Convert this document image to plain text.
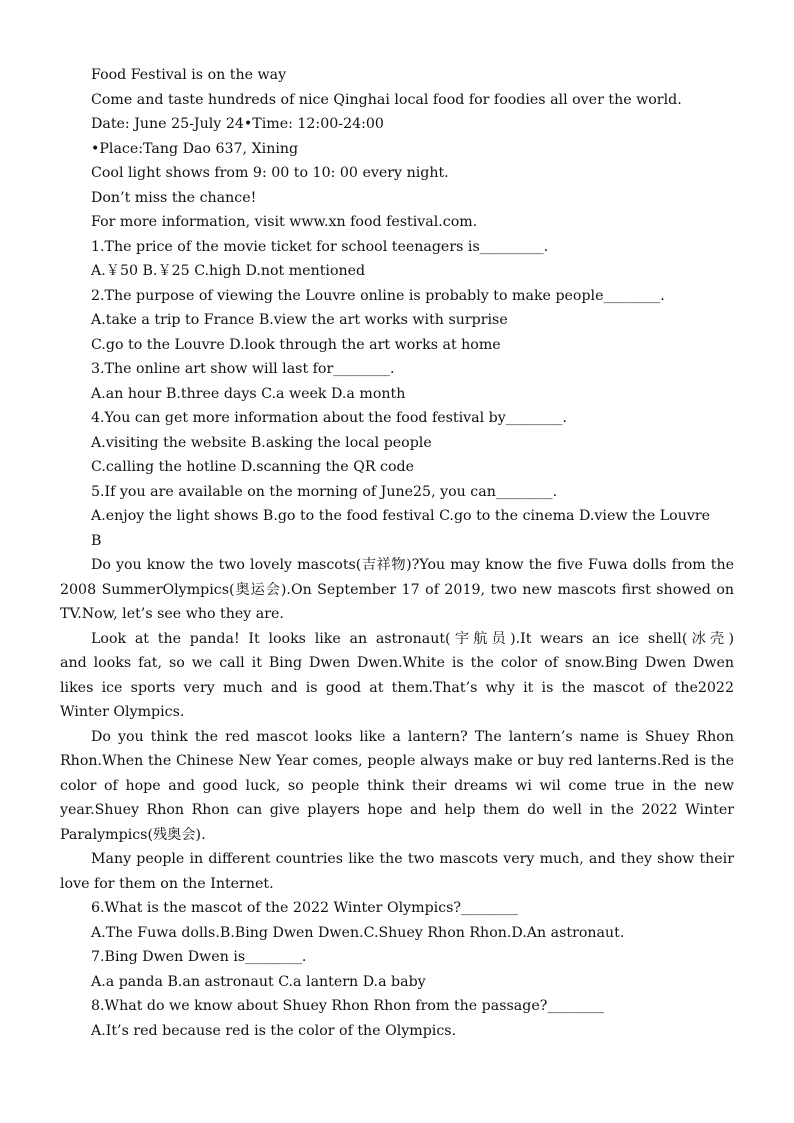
Food Festival is on the way

Come and taste hundreds of nice Qinghai local food for foodies all over the world.

Date: June 25-July 24•Time: 12:00-24:00

•Place:Tang Dao 637, Xining

Cool light shows from 9: 00 to 10: 00 every night.

Don’t miss the chance!

For more information, visit www.xn food festival.com.

1.The price of the movie ticket for school teenagers is_________.

A.￥50 B.￥25 C.high D.not mentioned

2.The purpose of viewing the Louvre online is probably to make people________.

A.take a trip to France B.view the art works with surprise

C.go to the Louvre D.look through the art works at home

3.The online art show will last for________.

A.an hour B.three days C.a week D.a month

4.You can get more information about the food festival by________.

A.visiting the website B.asking the local people

C.calling the hotline D.scanning the QR code

5.If you are available on the morning of June25, you can________.

A.enjoy the light shows B.go to the food festival C.go to the cinema D.view the Louvre

B

Do you know the two lovely mascots(吉祥物)?You may know the five Fuwa dolls from the

2008 SummerOlympics(奥运会).On September 17 of 2019, two new mascots first showed on

TV.Now, let’s see who they are.

Look at the panda! It looks like an astronaut(宇航员).It wears an ice shell(冰壳)

and looks fat, so we call it Bing Dwen Dwen.White is the color of snow.Bing Dwen Dwen

likes ice sports very much and is good at them.That’s why it is the mascot of the2022

Winter Olympics.

Do you think the red mascot looks like a lantern? The lantern’s name is Shuey Rhon

Rhon.When the Chinese New Year comes, people always make or buy red lanterns.Red is the

color of hope and good luck, so people think their dreams wi wil come true in the new

year.Shuey Rhon Rhon can give players hope and help them do well in the 2022 Winter

Paralympics(残奥会).

Many people in different countries like the two mascots very much, and they show their

love for them on the Internet.

6.What is the mascot of the 2022 Winter Olympics?________

A.The Fuwa dolls.B.Bing Dwen Dwen.C.Shuey Rhon Rhon.D.An astronaut.

7.Bing Dwen Dwen is________.

A.a panda B.an astronaut C.a lantern D.a baby

8.What do we know about Shuey Rhon Rhon from the passage?________

A.It’s red because red is the color of the Olympics.
